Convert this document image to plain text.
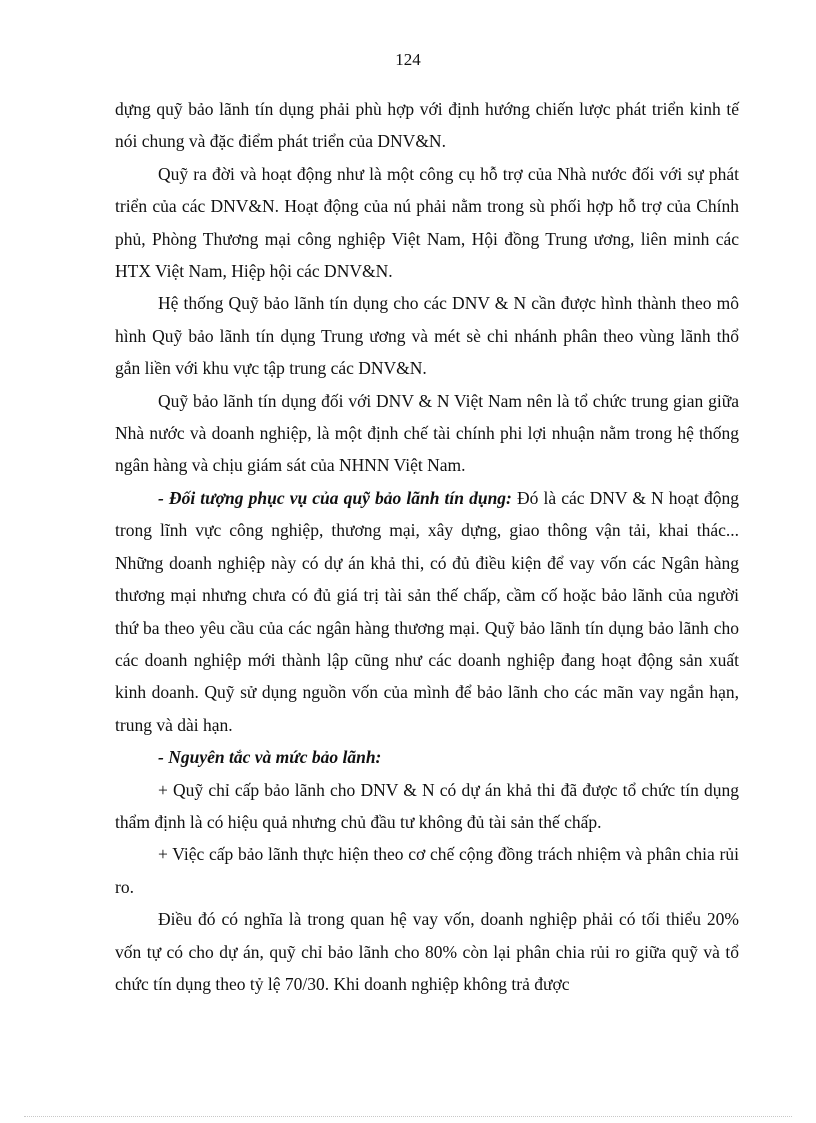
124

dựng quỹ bảo lãnh tín dụng phải phù hợp với định hướng chiến lược phát triển kinh tế nói chung và đặc điểm phát triển của DNV&N.

Quỹ ra đời và hoạt động như là một công cụ hỗ trợ của Nhà nước đối với sự phát triển của các DNV&N. Hoạt động của nú phải nằm trong sù phối hợp hỗ trợ của Chính phủ, Phòng Thương mại công nghiệp Việt Nam, Hội đồng Trung ương, liên minh các HTX Việt Nam, Hiệp hội các DNV&N.

Hệ thống Quỹ bảo lãnh tín dụng cho các DNV & N cần được hình thành theo mô hình Quỹ bảo lãnh tín dụng Trung ương và mét sè chi nhánh phân theo vùng lãnh thổ gắn liền với khu vực tập trung các DNV&N.

Quỹ bảo lãnh tín dụng đối với DNV & N Việt Nam nên là tổ chức trung gian giữa Nhà nước và doanh nghiệp, là một định chế tài chính phi lợi nhuận nằm trong hệ thống ngân hàng và chịu giám sát của NHNN Việt Nam.

- Đối tượng phục vụ của quỹ bảo lãnh tín dụng: Đó là các DNV & N hoạt động trong lĩnh vực công nghiệp, thương mại, xây dựng, giao thông vận tải, khai thác... Những doanh nghiệp này có dự án khả thi, có đủ điều kiện để vay vốn các Ngân hàng thương mại nhưng chưa có đủ giá trị tài sản thế chấp, cầm cố hoặc bảo lãnh của người thứ ba theo yêu cầu của các ngân hàng thương mại. Quỹ bảo lãnh tín dụng bảo lãnh cho các doanh nghiệp mới thành lập cũng như các doanh nghiệp đang hoạt động sản xuất kinh doanh. Quỹ sử dụng nguồn vốn của mình để bảo lãnh cho các mãn vay ngắn hạn, trung và dài hạn.

- Nguyên tắc và mức bảo lãnh:

+ Quỹ chỉ cấp bảo lãnh cho DNV & N có dự án khả thi đã được tổ chức tín dụng thẩm định là có hiệu quả nhưng chủ đầu tư không đủ tài sản thế chấp.

+ Việc cấp bảo lãnh thực hiện theo cơ chế cộng đồng trách nhiệm và phân chia rủi ro.

Điều đó có nghĩa là trong quan hệ vay vốn, doanh nghiệp phải có tối thiểu 20% vốn tự có cho dự án, quỹ chỉ bảo lãnh cho 80% còn lại phân chia rủi ro giữa quỹ và tổ chức tín dụng theo tỷ lệ 70/30. Khi doanh nghiệp không trả được
